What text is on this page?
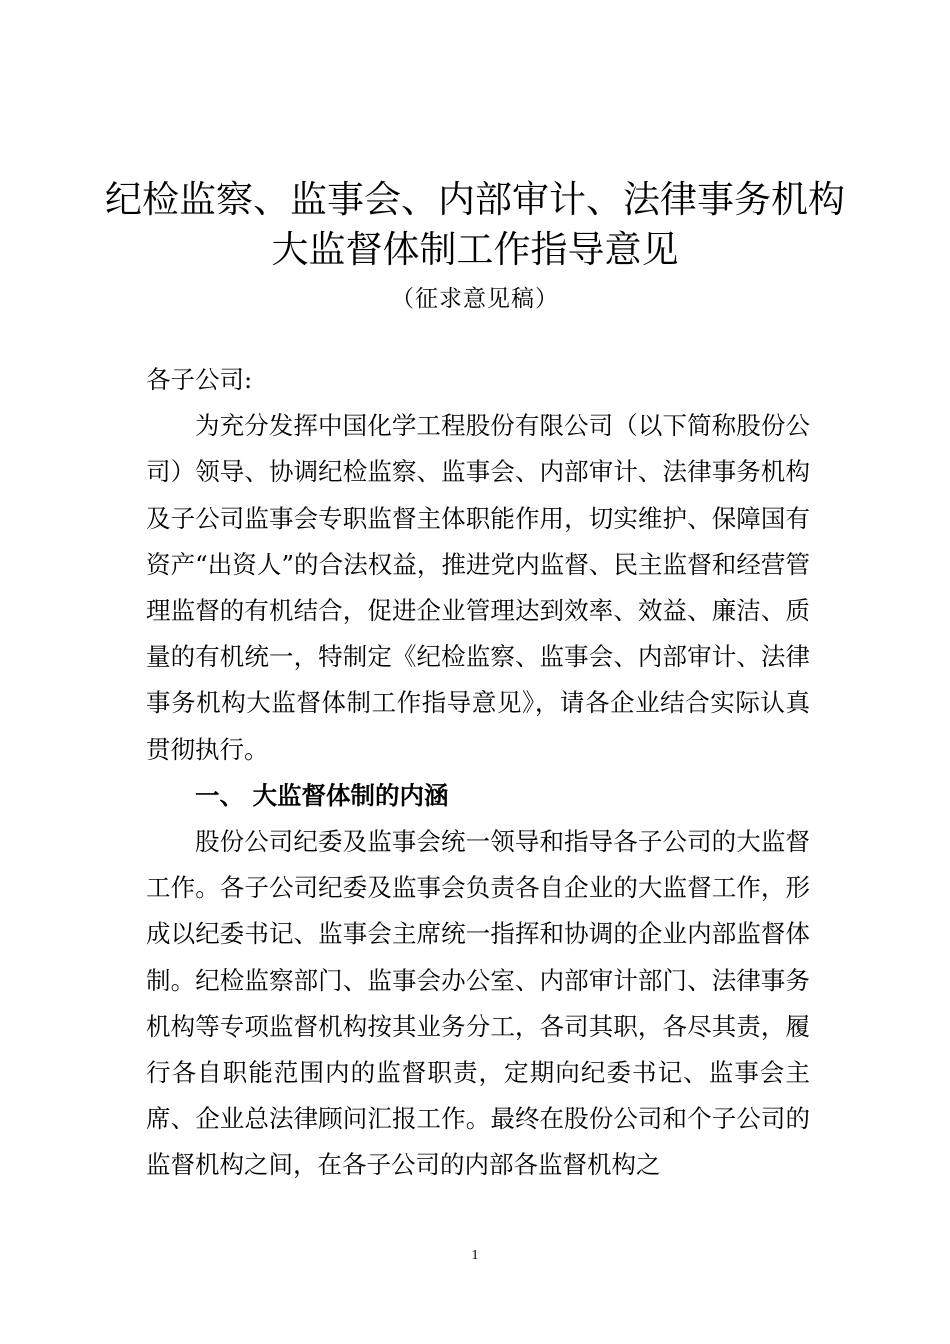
纪检监察、监事会、内部审计、法律事务机构
大监督体制工作指导意见
（征求意见稿）

各子公司:

为充分发挥中国化学工程股份有限公司（以下简称股份公司）领导、协调纪检监察、监事会、内部审计、法律事务机构及子公司监事会专职监督主体职能作用，切实维护、保障国有资产“出资人”的合法权益，推进党内监督、民主监督和经营管理监督的有机结合，促进企业管理达到效率、效益、廉洁、质量的有机统一，特制定《纪检监察、监事会、内部审计、法律事务机构大监督体制工作指导意见》，请各企业结合实际认真贯彻执行。

一、 大监督体制的内涵

股份公司纪委及监事会统一领导和指导各子公司的大监督工作。各子公司纪委及监事会负责各自企业的大监督工作，形成以纪委书记、监事会主席统一指挥和协调的企业内部监督体制。纪检监察部门、监事会办公室、内部审计部门、法律事务机构等专项监督机构按其业务分工，各司其职，各尽其责，履行各自职能范围内的监督职责，定期向纪委书记、监事会主席、企业总法律顾问汇报工作。最终在股份公司和个子公司的监督机构之间，在各子公司的内部各监督机构之

1
